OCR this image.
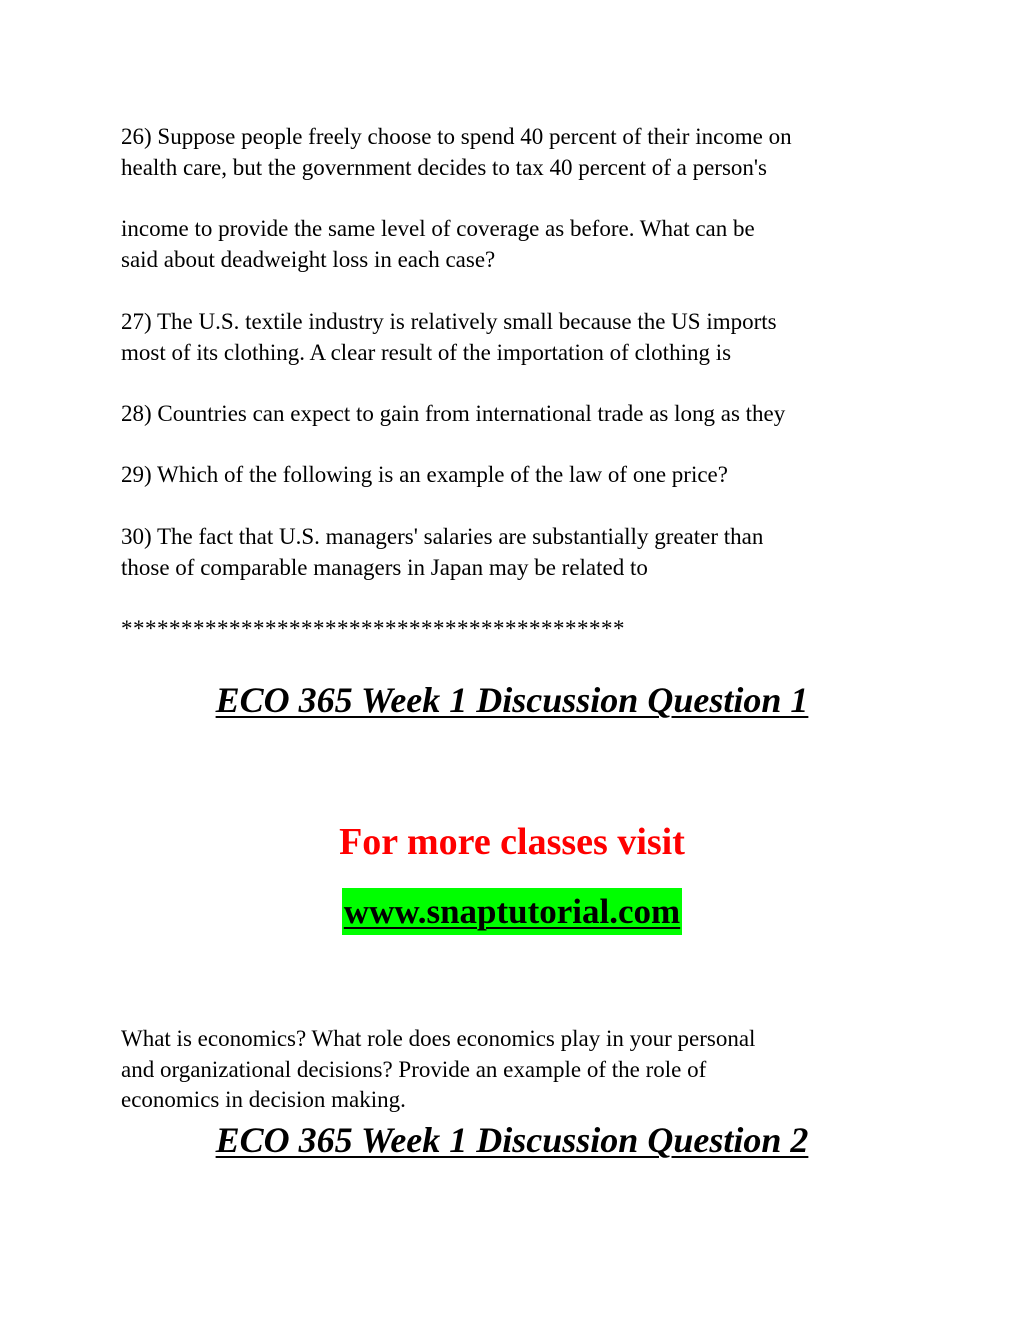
26) Suppose people freely choose to spend 40 percent of their income on
health care, but the government decides to tax 40 percent of a person's

income to provide the same level of coverage as before. What can be
said about deadweight loss in each case?

27) The U.S. textile industry is relatively small because the US imports
most of its clothing. A clear result of the importation of clothing is

28) Countries can expect to gain from international trade as long as they

29) Which of the following is an example of the law of one price?

30) The fact that U.S. managers' salaries are substantially greater than
those of comparable managers in Japan may be related to

******************************************

ECO 365 Week 1 Discussion Question 1

For more classes visit

www.snaptutorial.com

What is economics? What role does economics play in your personal
and organizational decisions? Provide an example of the role of
economics in decision making.

ECO 365 Week 1 Discussion Question 2
